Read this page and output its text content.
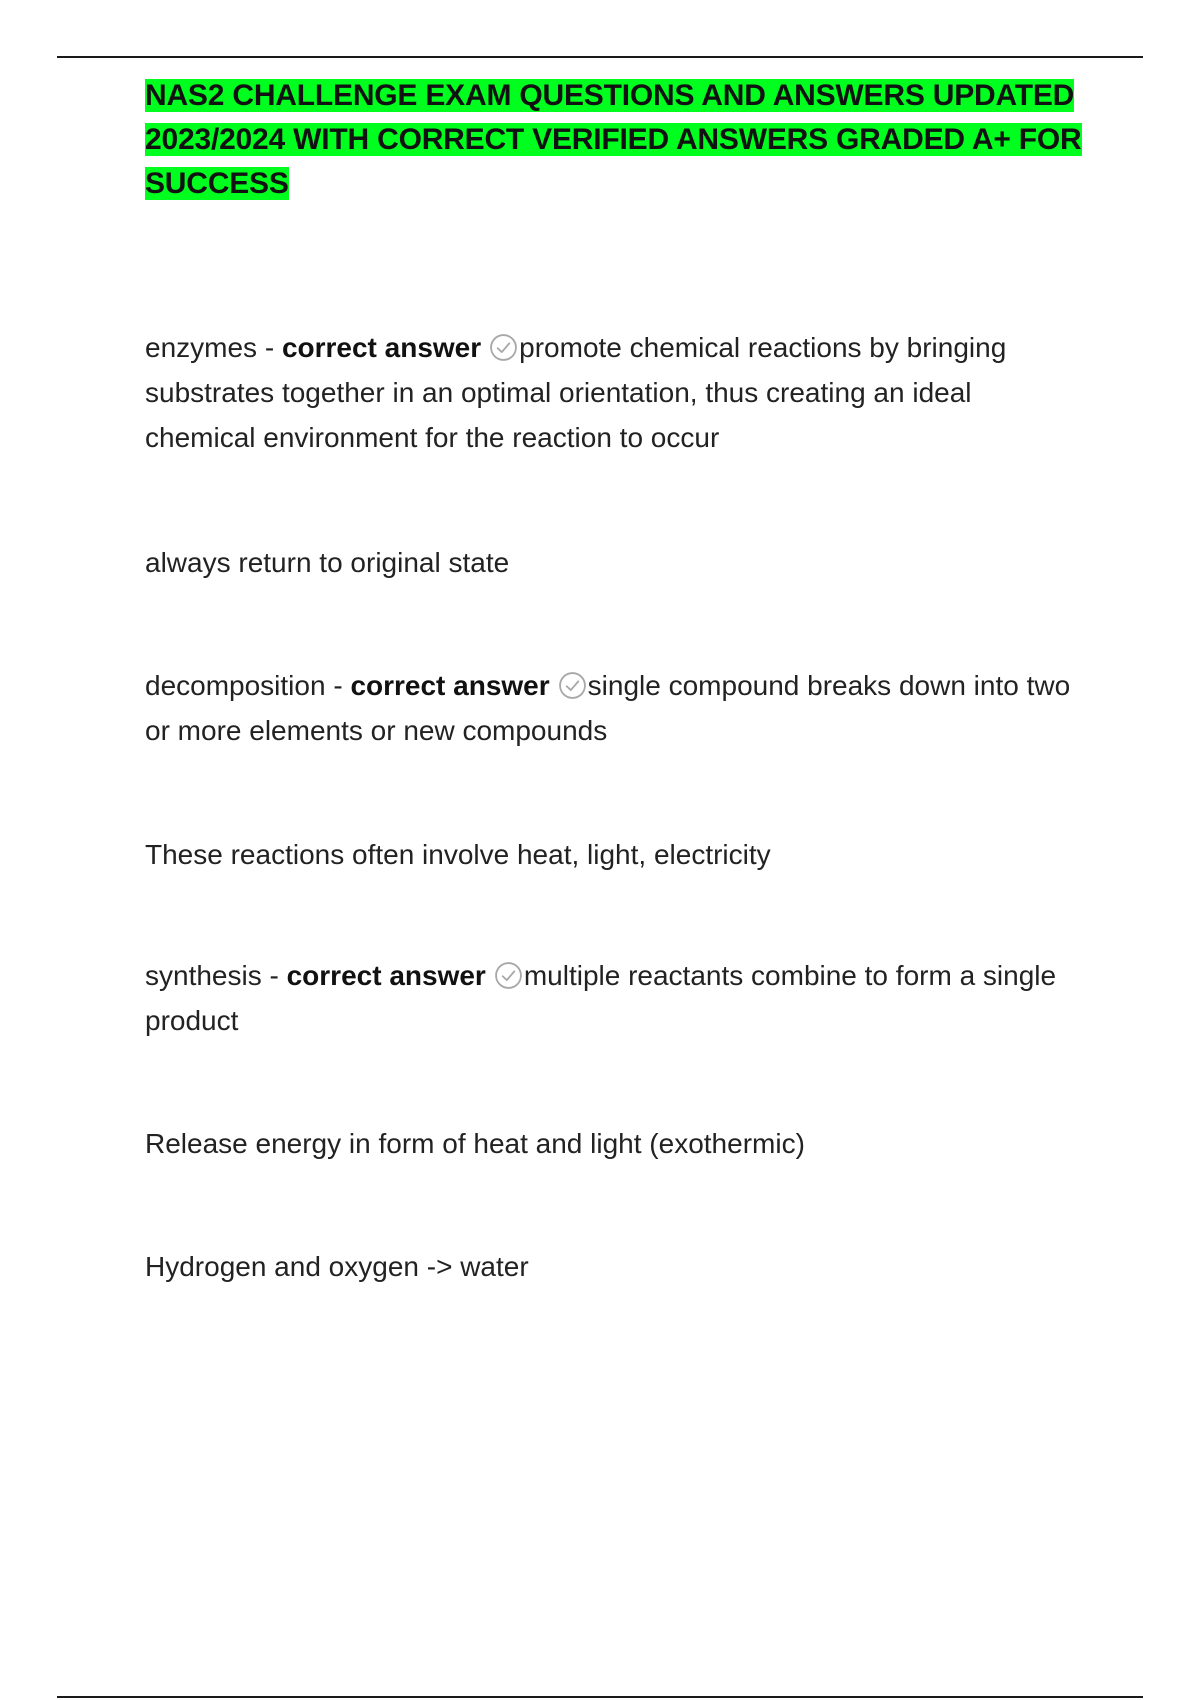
NAS2 CHALLENGE EXAM QUESTIONS AND ANSWERS UPDATED 2023/2024 WITH CORRECT VERIFIED ANSWERS GRADED A+ FOR SUCCESS

enzymes - correct answer promote chemical reactions by bringing substrates together in an optimal orientation, thus creating an ideal chemical environment for the reaction to occur

always return to original state

decomposition - correct answer single compound breaks down into two or more elements or new compounds

These reactions often involve heat, light, electricity

synthesis - correct answer multiple reactants combine to form a single product

Release energy in form of heat and light (exothermic)

Hydrogen and oxygen -> water
